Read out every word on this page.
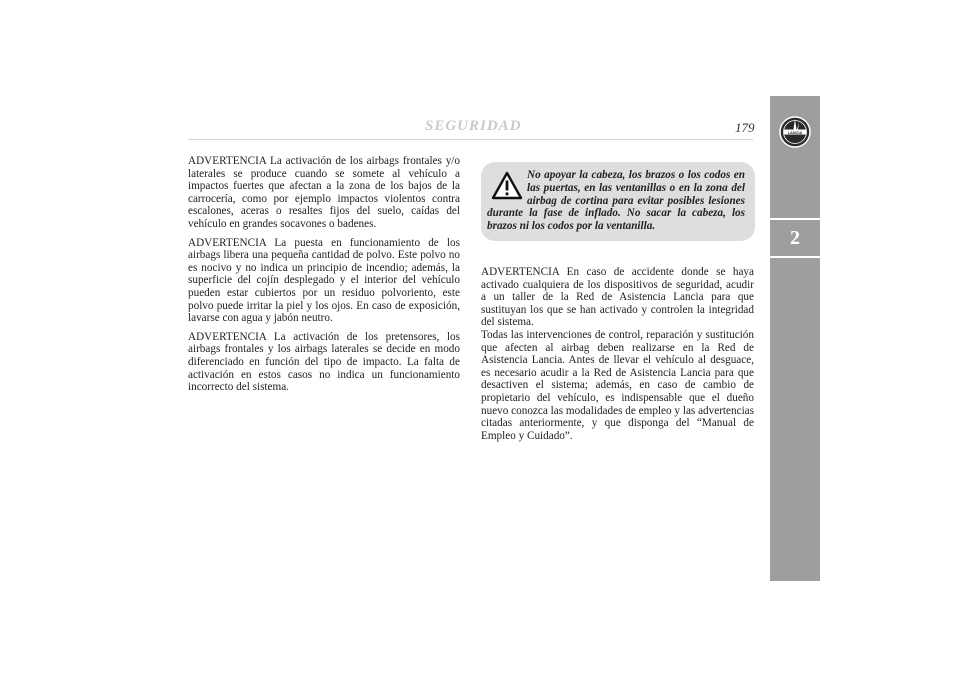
SEGURIDAD	179	LANCIA
2

ADVERTENCIA La activación de los airbags frontales y/o laterales se produce cuando se somete al vehículo a impactos fuertes que afectan a la zona de los bajos de la carrocería, como por ejemplo impactos violentos contra escalones, aceras o resaltes fijos del suelo, caídas del vehículo en grandes socavones o badenes.

ADVERTENCIA La puesta en funcionamiento de los airbags libera una pequeña cantidad de polvo. Este polvo no es nocivo y no indica un principio de incendio; además, la superficie del cojín desplegado y el interior del vehículo pueden estar cubiertos por un residuo polvoriento, este polvo puede irritar la piel y los ojos. En caso de exposición, lavarse con agua y jabón neutro.

ADVERTENCIA La activación de los pretensores, los airbags frontales y los airbags laterales se decide en modo diferenciado en función del tipo de impacto. La falta de activación en estos casos no indica un funcionamiento incorrecto del sistema.

No apoyar la cabeza, los brazos o los codos en las puertas, en las ventanillas o en la zona del airbag de cortina para evitar posibles lesiones durante la fase de inflado. No sacar la cabeza, los brazos ni los codos por la ventanilla.

ADVERTENCIA En caso de accidente donde se haya activado cualquiera de los dispositivos de seguridad, acudir a un taller de la Red de Asistencia Lancia para que sustituyan los que se han activado y controlen la integridad del sistema.

Todas las intervenciones de control, reparación y sustitución que afecten al airbag deben realizarse en la Red de Asistencia Lancia. Antes de llevar el vehículo al desguace, es necesario acudir a la Red de Asistencia Lancia para que desactiven el sistema; además, en caso de cambio de propietario del vehículo, es indispensable que el dueño nuevo conozca las modalidades de empleo y las advertencias citadas anteriormente, y que disponga del “Manual de Empleo y Cuidado”.
